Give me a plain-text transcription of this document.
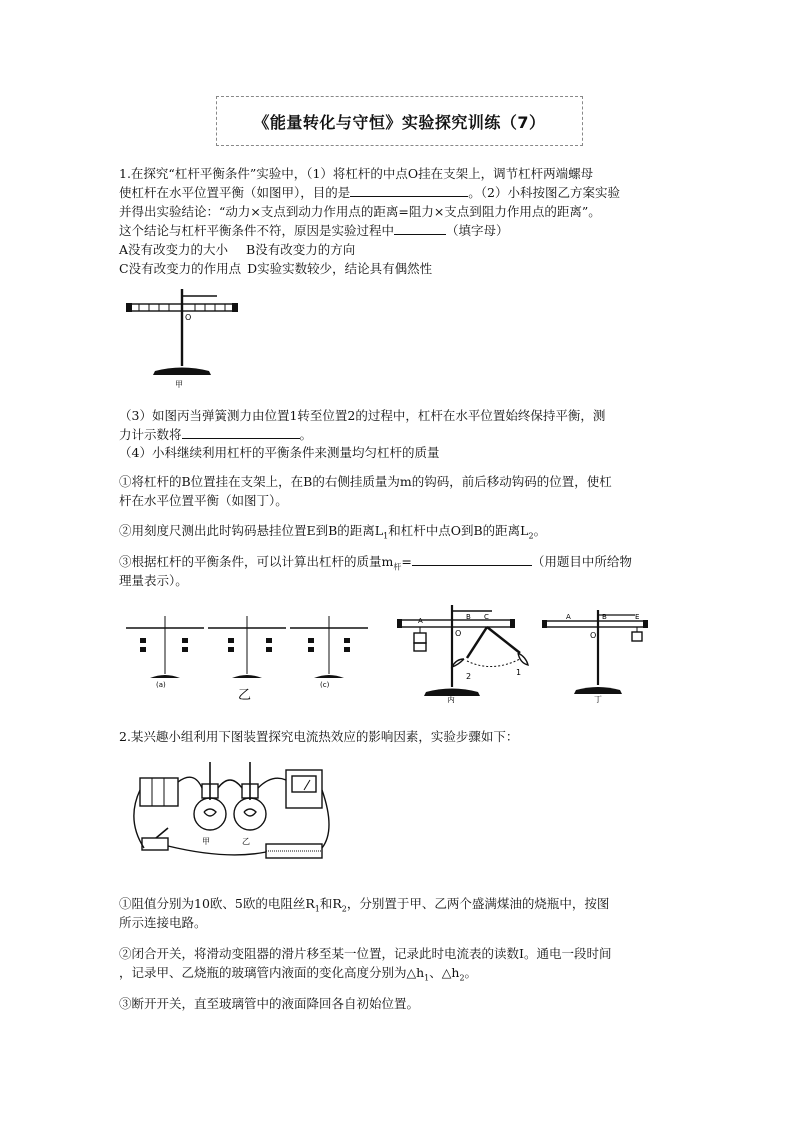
《能量转化与守恒》实验探究训练（7）
1.在探究“杠杆平衡条件”实验中，（1）将杠杆的中点O挂在支架上，调节杠杆两端螺母
使杠杆在水平位置平衡（如图甲），目的是	。（2）小科按图乙方案实验
并得出实验结论：“动力×支点到动力作用点的距离=阻力×支点到阻力作用点的距离”。
这个结论与杠杆平衡条件不符，原因是实验过程中	（填字母）
A没有改变力的大小 B没有改变力的方向
C没有改变力的作用点 D实验实数较少，结论具有偶然性
O
甲
（3）如图丙当弹簧测力由位置1转至位置2的过程中，杠杆在水平位置始终保持平衡，测
力计示数将	。
（4）小科继续利用杠杆的平衡条件来测量均匀杠杆的质量
①将杠杆的B位置挂在支架上，在B的右侧挂质量为m的钩码，前后移动钩码的位置，使杠
杆在水平位置平衡（如图丁）。
②用刻度尺测出此时钩码悬挂位置E到B的距离$L_1$和杠杆中点O到B的距离$L_2$。
③根据杠杆的平衡条件，可以计算出杠杆的质量$m_杆=$	（用题目中所给物
理量表示）。
(a)
乙
(c)
A	B C
O
2	1
丙
A	B	E
O
丁
2.某兴趣小组利用下图装置探究电流热效应的影响因素，实验步骤如下：
甲	乙
①阻值分别为10欧、5欧的电阻丝$R_1$和$R_2$，分别置于甲、乙两个盛满煤油的烧瓶中，按图
所示连接电路。
②闭合开关，将滑动变阻器的滑片移至某一位置，记录此时电流表的读数I。通电一段时间
，记录甲、乙烧瓶的玻璃管内液面的变化高度分别为$\triangle h_1$、$\triangle h_2$。
③断开开关，直至玻璃管中的液面降回各自初始位置。
